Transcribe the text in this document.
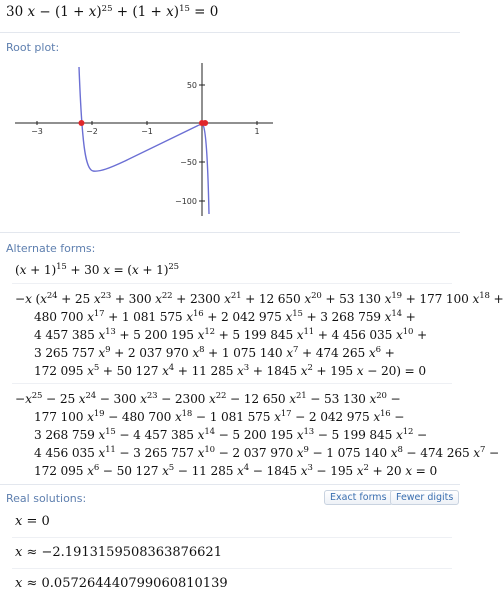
30 $x - (1 + x)^{25} + (1 + x)^{15} = 0$
Root plot:
−3	−2	−1	1
50
−50
−100
Alternate forms:
$(x + 1)^{15} + 30$ $x = (x + 1)^{25}$
−x ($x^{24} + 25$ $x^{23} + 300$ $x^{22} + 2300$ $x^{21} + 12$ 650 $x^{20} + 53$ 130 $x^{19} + 177$ 100 $x^{18}$ +
480 700 $x^{17} + 1$ 081 575 $x^{16} + 2$ 042 975 $x^{15} + 3$ 268 759 $x^{14}$ +
4 457 385 $x^{13} + 5$ 200 195 $x^{12} + 5$ 199 845 $x^{11} + 4$ 456 035 $x^{10}$ +
3 265 757 $x^9 + 2$ 037 970 $x^8 + 1$ 075 140 $x^7 + 474$ 265 $x^6$ +
172 095 $x^5 + 50$ 127 $x^4 + 11$ 285 $x^3 + 1845$ $x^2 + 195$ x − 20) = 0
$-x^{25} - 25$ $x^{24} - 300$ $x^{23} - 2300$ $x^{22} - 12$ 650 $x^{21} - 53$ 130 $x^{20}$ −
177 100 $x^{19} - 480$ 700 $x^{18} - 1$ 081 575 $x^{17} - 2$ 042 975 $x^{16}$ −
3 268 759 $x^{15} - 4$ 457 385 $x^{14} - 5$ 200 195 $x^{13} - 5$ 199 845 $x^{12}$ −
4 456 035 $x^{11} - 3$ 265 757 $x^{10} - 2$ 037 970 $x^9 - 1$ 075 140 $x^8 - 474$ 265 $x^7$ −
172 095 $x^6 - 50$ 127 $x^5 - 11$ 285 $x^4 - 1845$ $x^3 - 195$ $x^2 + 20$ x = 0
Real solutions:	Exact forms Fewer digits
x = 0
x ≈ −2.1913159508363876621
x ≈ 0.057264440799060810139
